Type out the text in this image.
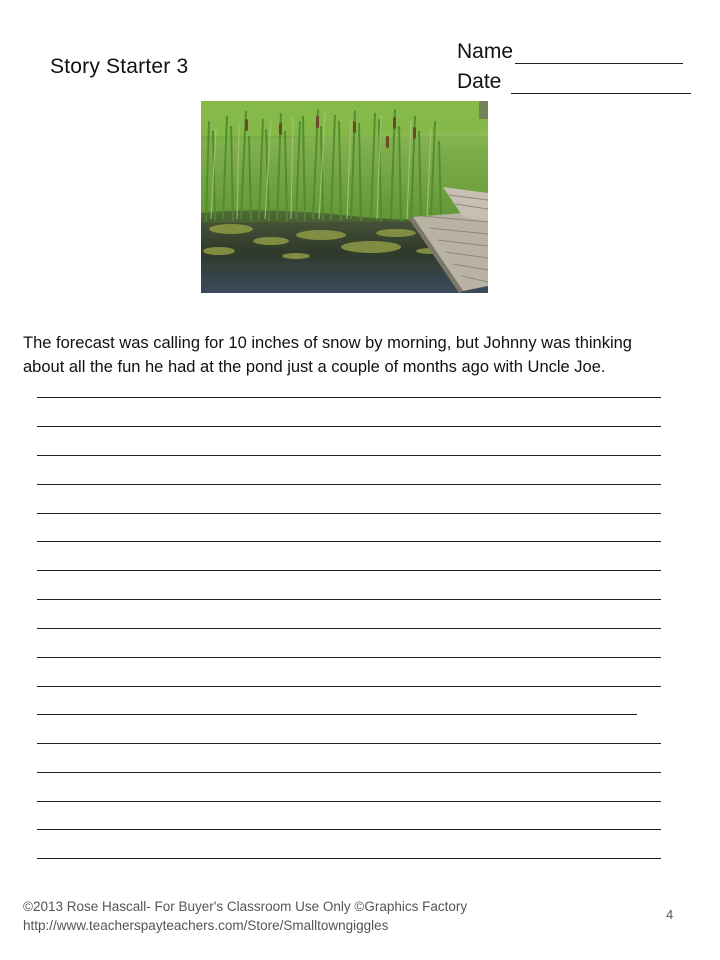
Story Starter 3
Name
Date
The forecast was calling for 10 inches of snow by morning, but Johnny was thinking
about all the fun he had at the pond just a couple of months ago with Uncle Joe.
©2013 Rose Hascall- For Buyer's Classroom Use Only ©Graphics Factory
http://www.teacherspayteachers.com/Store/Smalltowngiggles
4
